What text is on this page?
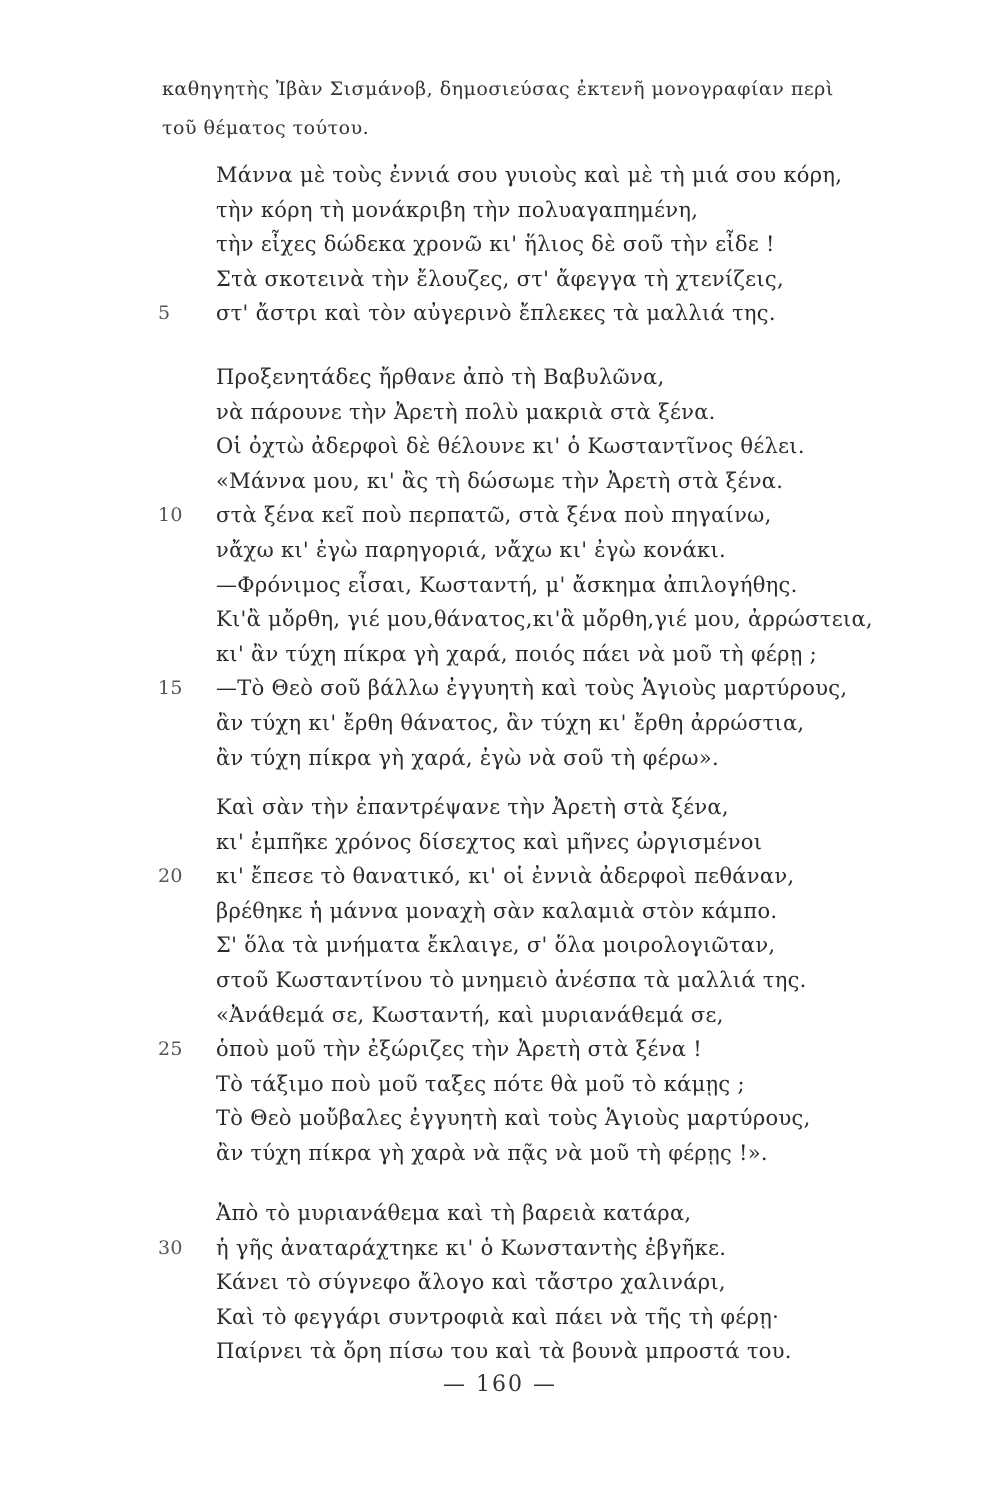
καθηγητὴς Ἰβὰν Σισμάνοβ, δημοσιεύσας ἐκτενῆ μονογραφίαν περὶ
τοῦ θέματος τούτου.
Μάννα μὲ τοὺς ἐννιά σου γυιοὺς καὶ μὲ τὴ μιά σου κόρη,
τὴν κόρη τὴ μονάκριβη τὴν πολυαγαπημένη,
τὴν εἶχες δώδεκα χρονῶ κι' ἥλιος δὲ σοῦ τὴν εἶδε !
Στὰ σκοτεινὰ τὴν ἔλουζες, στ' ἄφεγγα τὴ χτενίζεις,
5 στ' ἄστρι καὶ τὸν αὐγερινὸ ἔπλεκες τὰ μαλλιά της.
Προξενητάδες ἤρθανε ἀπὸ τὴ Βαβυλῶνα,
νὰ πάρουνε τὴν Ἀρετὴ πολὺ μακριὰ στὰ ξένα.
Οἱ ὀχτὼ ἀδερφοὶ δὲ θέλουνε κι' ὁ Κωσταντῖνος θέλει.
«Μάννα μου, κι' ἂς τὴ δώσωμε τὴν Ἀρετὴ στὰ ξένα.
10 στὰ ξένα κεῖ ποὺ περπατῶ, στὰ ξένα ποὺ πηγαίνω,
νἄχω κι' ἐγὼ παρηγοριά, νἄχω κι' ἐγὼ κονάκι.
—Φρόνιμος εἶσαι, Κωσταντή, μ' ἄσκημα ἀπιλογήθης.
Κι'ἂ μὄρθη, γιέ μου,θάνατος,κι'ἂ μὄρθη,γιέ μου, ἀρρώστεια,
κι' ἂν τύχη πίκρα γὴ χαρά, ποιός πάει νὰ μοῦ τὴ φέρῃ ;
15 —Τὸ Θεὸ σοῦ βάλλω ἐγγυητὴ καὶ τοὺς Ἁγιοὺς μαρτύρους,
ἂν τύχη κι' ἔρθη θάνατος, ἂν τύχη κι' ἔρθη ἀρρώστια,
ἂν τύχη πίκρα γὴ χαρά, ἐγὼ νὰ σοῦ τὴ φέρω».
Καὶ σὰν τὴν ἐπαντρέψανε τὴν Ἀρετὴ στὰ ξένα,
κι' ἐμπῆκε χρόνος δίσεχτος καὶ μῆνες ὠργισμένοι
20 κι' ἔπεσε τὸ θανατικό, κι' οἱ ἐννιὰ ἀδερφοὶ πεθάναν,
βρέθηκε ἡ μάννα μοναχὴ σὰν καλαμιὰ στὸν κάμπο.
Σ' ὅλα τὰ μνήματα ἔκλαιγε, σ' ὅλα μοιρολογιῶταν,
στοῦ Κωσταντίνου τὸ μνημειὸ ἀνέσπα τὰ μαλλιά της.
«Ἀνάθεμά σε, Κωσταντή, καὶ μυριανάθεμά σε,
25 ὁποὺ μοῦ τὴν ἐξώριζες τὴν Ἀρετὴ στὰ ξένα !
Τὸ τάξιμο ποὺ μοῦ ταξες πότε θὰ μοῦ τὸ κάμῃς ;
Τὸ Θεὸ μοὔβαλες ἐγγυητὴ καὶ τοὺς Ἁγιοὺς μαρτύρους,
ἂν τύχη πίκρα γὴ χαρὰ νὰ πᾷς νὰ μοῦ τὴ φέρῃς !».
Ἀπὸ τὸ μυριανάθεμα καὶ τὴ βαρειὰ κατάρα,
30 ἡ γῆς ἀναταράχτηκε κι' ὁ Κωνσταντὴς ἐβγῆκε.
Κάνει τὸ σύγνεφο ἄλογο καὶ τἄστρο χαλινάρι,
Καὶ τὸ φεγγάρι συντροφιὰ καὶ πάει νὰ τῆς τὴ φέρῃ·
Παίρνει τὰ ὄρη πίσω του καὶ τὰ βουνὰ μπροστά του.
— 160 —
